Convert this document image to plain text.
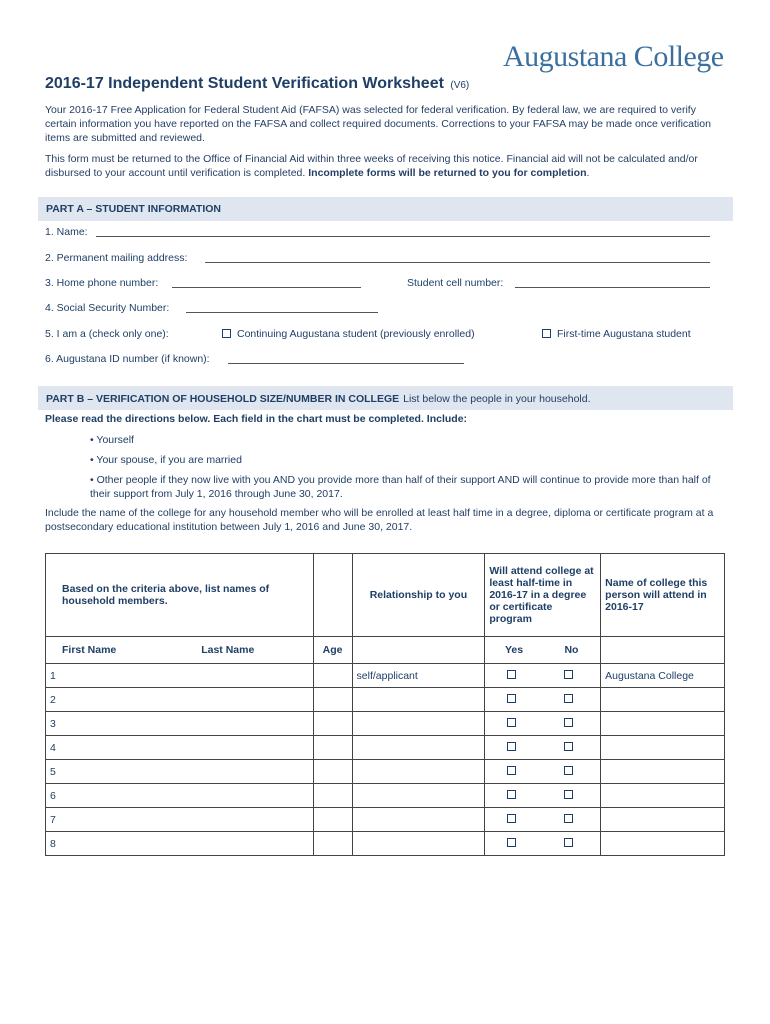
Augustana College
2016-17 Independent Student Verification Worksheet (V6)
Your 2016-17 Free Application for Federal Student Aid (FAFSA) was selected for federal verification. By federal law, we are required to verify certain information you have reported on the FAFSA and collect required documents. Corrections to your FAFSA may be made once verification items are submitted and reviewed.
This form must be returned to the Office of Financial Aid within three weeks of receiving this notice. Financial aid will not be calculated and/or disbursed to your account until verification is completed. Incomplete forms will be returned to you for completion.
PART A – STUDENT INFORMATION
1. Name:
2. Permanent mailing address:
3. Home phone number:	Student cell number:
4. Social Security Number:
5. I am a (check only one):	Continuing Augustana student (previously enrolled)	First-time Augustana student
6. Augustana ID number (if known):
PART B – VERIFICATION OF HOUSEHOLD SIZE/NUMBER IN COLLEGE List below the people in your household.
Please read the directions below. Each field in the chart must be completed. Include:
• Yourself
• Your spouse, if you are married
• Other people if they now live with you AND you provide more than half of their support AND will continue to provide more than half of their support from July 1, 2016 through June 30, 2017.
Include the name of the college for any household member who will be enrolled at least half time in a degree, diploma or certificate program at a postsecondary educational institution between July 1, 2016 and June 30, 2017.
Based on the criteria above, list names of household members.		Relationship to you	Will attend college at least half-time in 2016-17 in a degree or certificate program		Name of college this person will attend in 2016-17
First Name Last Name	Age		Yes	No	
1		self/applicant			Augustana College
2					
3					
4					
5					
6					
7					
8					
